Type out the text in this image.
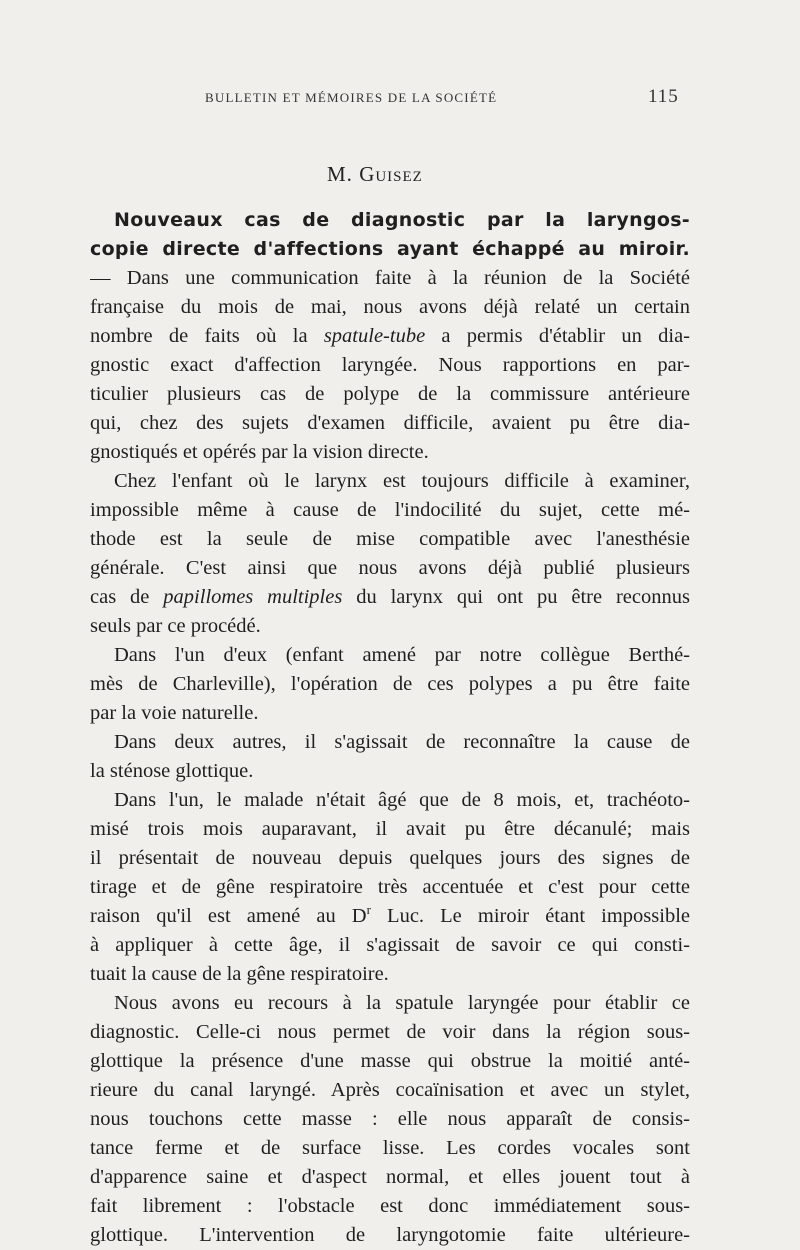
BULLETIN ET MÉMOIRES DE LA SOCIÉTÉ	115
M. Guisez
Nouveaux cas de diagnostic par la laryngos-
copie directe d'affections ayant échappé au miroir.
— Dans une communication faite à la réunion de la Société
française du mois de mai, nous avons déjà relaté un certain
nombre de faits où la spatule-tube a permis d'établir un dia-
gnostic exact d'affection laryngée. Nous rapportions en par-
ticulier plusieurs cas de polype de la commissure antérieure
qui, chez des sujets d'examen difficile, avaient pu être dia-
gnostiqués et opérés par la vision directe.
Chez l'enfant où le larynx est toujours difficile à examiner,
impossible même à cause de l'indocilité du sujet, cette mé-
thode est la seule de mise compatible avec l'anesthésie
générale. C'est ainsi que nous avons déjà publié plusieurs
cas de papillomes multiples du larynx qui ont pu être reconnus
seuls par ce procédé.
Dans l'un d'eux (enfant amené par notre collègue Berthé-
mès de Charleville), l'opération de ces polypes a pu être faite
par la voie naturelle.
Dans deux autres, il s'agissait de reconnaître la cause de
la sténose glottique.
Dans l'un, le malade n'était âgé que de 8 mois, et, trachéoto-
misé trois mois auparavant, il avait pu être décanulé; mais
il présentait de nouveau depuis quelques jours des signes de
tirage et de gêne respiratoire très accentuée et c'est pour cette
raison qu'il est amené au $D^r$ Luc. Le miroir étant impossible
à appliquer à cette âge, il s'agissait de savoir ce qui consti-
tuait la cause de la gêne respiratoire.
Nous avons eu recours à la spatule laryngée pour établir ce
diagnostic. Celle-ci nous permet de voir dans la région sous-
glottique la présence d'une masse qui obstrue la moitié anté-
rieure du canal laryngé. Après cocaïnisation et avec un stylet,
nous touchons cette masse : elle nous apparaît de consis-
tance ferme et de surface lisse. Les cordes vocales sont
d'apparence saine et d'aspect normal, et elles jouent tout à
fait librement : l'obstacle est donc immédiatement sous-
glottique. L'intervention de laryngotomie faite ultérieure-
